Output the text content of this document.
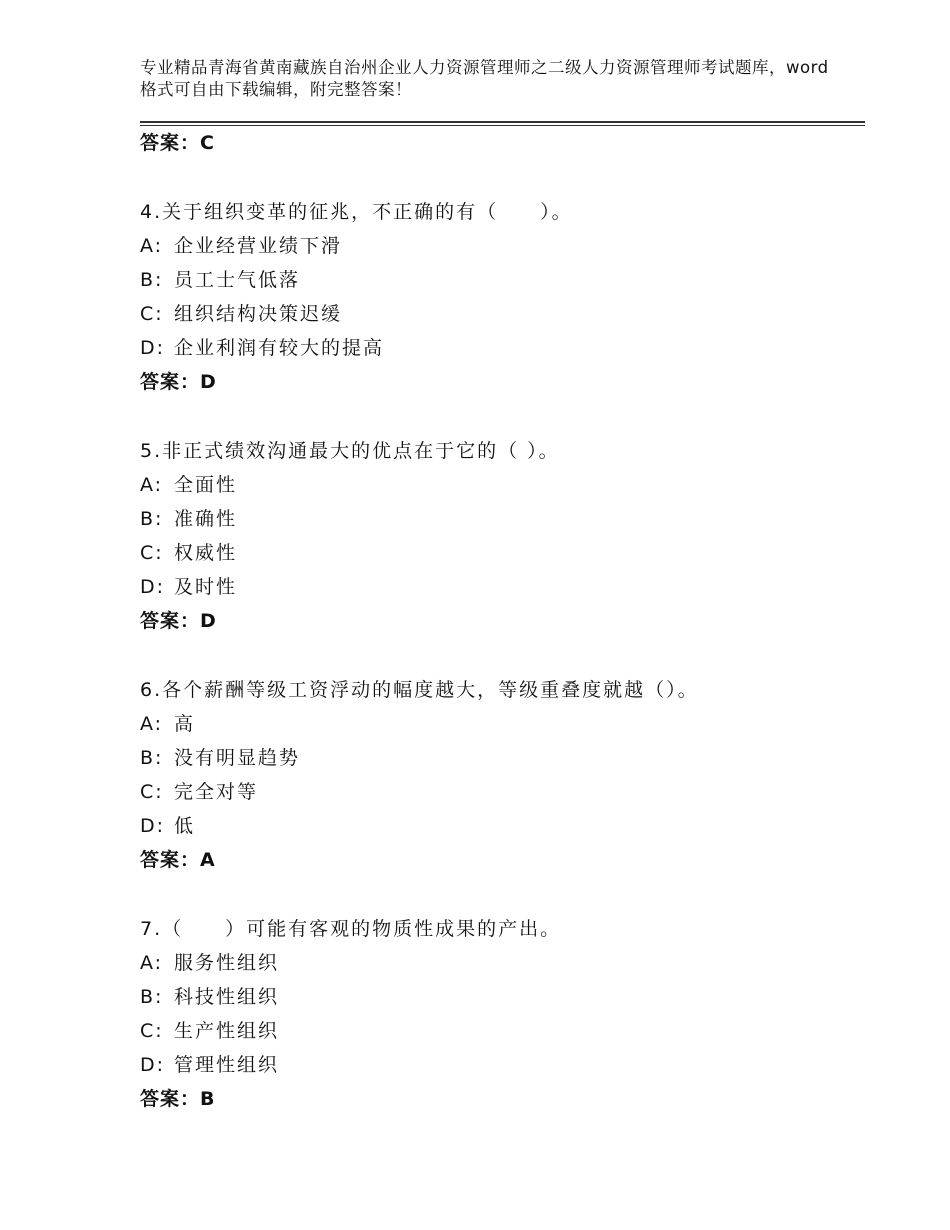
专业精品青海省黄南藏族自治州企业人力资源管理师之二级人力资源管理师考试题库，word格式可自由下载编辑，附完整答案！
答案：C
4.关于组织变革的征兆，不正确的有（　　）。
A: 企业经营业绩下滑
B: 员工士气低落
C: 组织结构决策迟缓
D: 企业利润有较大的提高
答案：D
5.非正式绩效沟通最大的优点在于它的（ ）。
A: 全面性
B: 准确性
C: 权威性
D: 及时性
答案：D
6.各个薪酬等级工资浮动的幅度越大，等级重叠度就越（）。
A: 高
B: 没有明显趋势
C: 完全对等
D: 低
答案：A
7.（　　）可能有客观的物质性成果的产出。
A: 服务性组织
B: 科技性组织
C: 生产性组织
D: 管理性组织
答案：B
